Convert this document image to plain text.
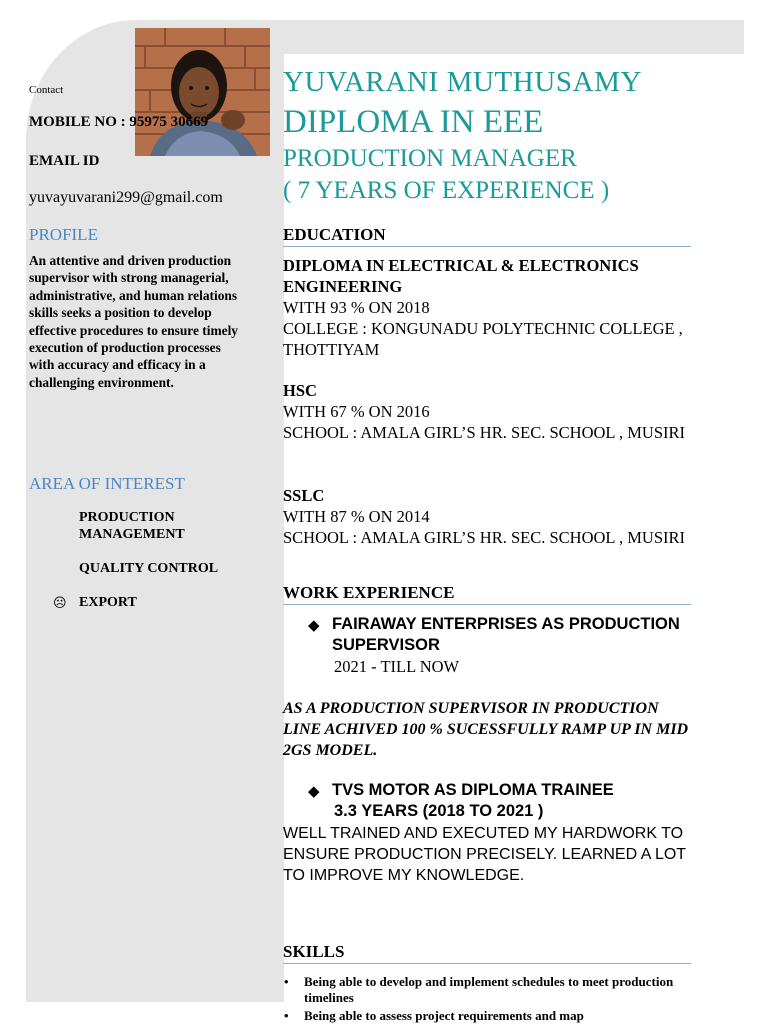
Contact
MOBILE NO : 95975 30669
EMAIL ID
yuvayuvarani299@gmail.com
PROFILE
An attentive and driven production supervisor with strong managerial, administrative, and human relations skills seeks a position to develop effective procedures to ensure timely execution of production processes with accuracy and efficacy in a challenging environment.
AREA OF INTEREST
PRODUCTION MANAGEMENT
QUALITY CONTROL
☹ EXPORT
YUVARANI MUTHUSAMY
DIPLOMA IN EEE
PRODUCTION MANAGER
( 7 YEARS OF EXPERIENCE )
EDUCATION
DIPLOMA IN ELECTRICAL & ELECTRONICS ENGINEERING
WITH 93 % ON 2018
COLLEGE : KONGUNADU POLYTECHNIC COLLEGE , THOTTIYAM
HSC
WITH 67 % ON 2016
SCHOOL : AMALA GIRL’S HR. SEC. SCHOOL , MUSIRI
SSLC
WITH 87 % ON 2014
SCHOOL : AMALA GIRL’S HR. SEC. SCHOOL , MUSIRI
WORK EXPERIENCE
◆ FAIRAWAY ENTERPRISES AS PRODUCTION SUPERVISOR
2021 - TILL NOW
AS A PRODUCTION SUPERVISOR IN PRODUCTION LINE ACHIVED 100 % SUCESSFULLY RAMP UP IN MID 2GS MODEL.
◆ TVS MOTOR AS DIPLOMA TRAINEE
3.3 YEARS (2018 TO 2021 )
WELL TRAINED AND EXECUTED MY HARDWORK TO ENSURE PRODUCTION PRECISELY. LEARNED A LOT TO IMPROVE MY KNOWLEDGE.
SKILLS
• Being able to develop and implement schedules to meet production timelines
• Being able to assess project requirements and map
